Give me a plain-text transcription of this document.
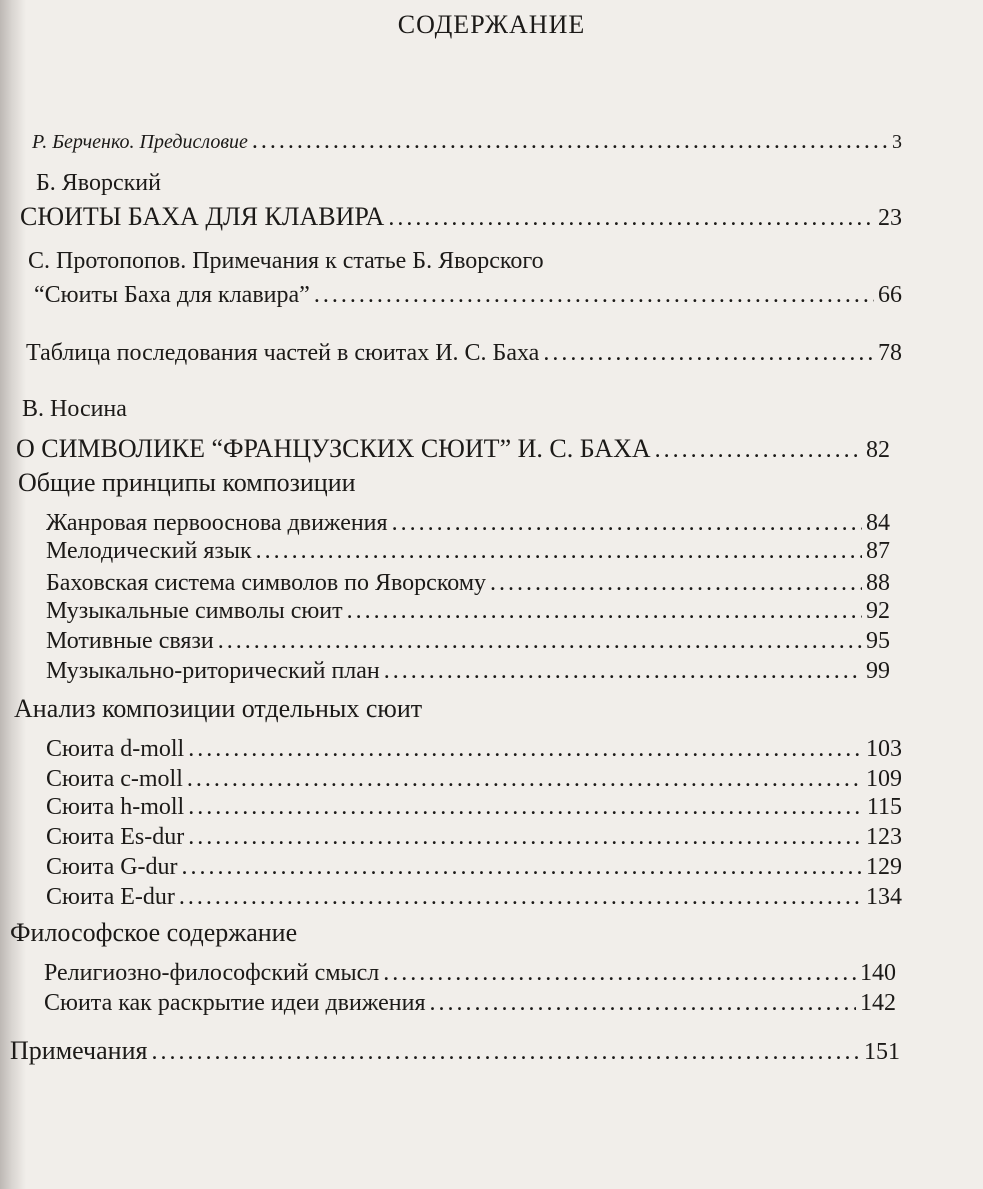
СОДЕРЖАНИЕ
Р. Берченко. Предисловие .....	3
Б. Яворский
СЮИТЫ БАХА ДЛЯ КЛАВИРА .....	23
С. Протопопов. Примечания к статье Б. Яворского
“Сюиты Баха для клавира” .....	66
Таблица последования частей в сюитах И. С. Баха .....	78
В. Носина
О СИМВОЛИКЕ “ФРАНЦУЗСКИХ СЮИТ” И. С. БАХА .....	82
Общие принципы композиции
Жанровая первооснова движения .....	84
Мелодический язык .....	87
Баховская система символов по Яворскому .....	88
Музыкальные символы сюит .....	92
Мотивные связи .....	95
Музыкально-риторический план .....	99
Анализ композиции отдельных сюит
Сюита d-moll .....	103
Сюита c-moll .....	109
Сюита h-moll .....	115
Сюита Es-dur .....	123
Сюита G-dur .....	129
Сюита E-dur .....	134
Философское содержание
Религиозно-философский смысл .....	140
Сюита как раскрытие идеи движения .....	142
Примечания .....	151
